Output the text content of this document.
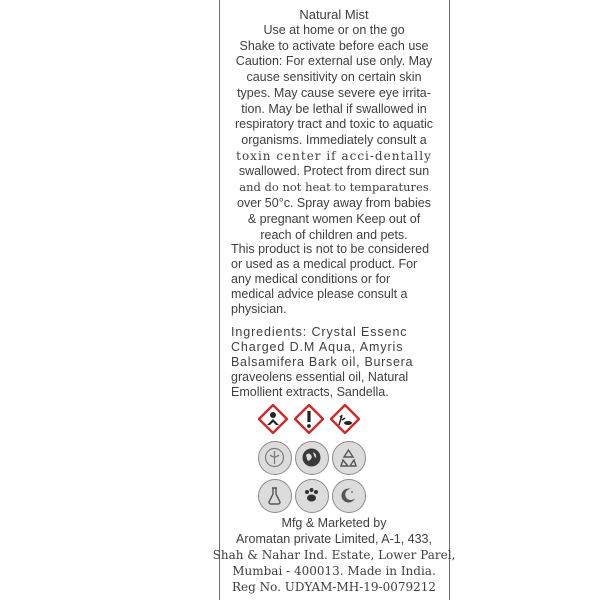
Natural Mist
Use at home or on the go
Shake to activate before each use
Caution: For external use only. May
cause sensitivity on certain skin
types. May cause severe eye irrita-
tion. May be lethal if swallowed in
respiratory tract and toxic to aquatic
organisms. Immediately consult a
toxin center if acci-dentally
swallowed. Protect from direct sun
and do not heat to temparatures
over 50°c. Spray away from babies
& pregnant women Keep out of
reach of children and pets.
This product is not to be considered
or used as a medical product. For
any medical conditions or for
medical advice please consult a
physician.
Ingredients: Crystal Essenc
Charged D.M Aqua, Amyris
Balsamifera Bark oil, Bursera
graveolens essential oil, Natural
Emollient extracts, Sandella.
Mfg & Marketed by
Aromatan private Limited, A-1, 433,
Shah & Nahar Ind. Estate, Lower Parel,
Mumbai - 400013. Made in India.
Reg No. UDYAM-MH-19-0079212
